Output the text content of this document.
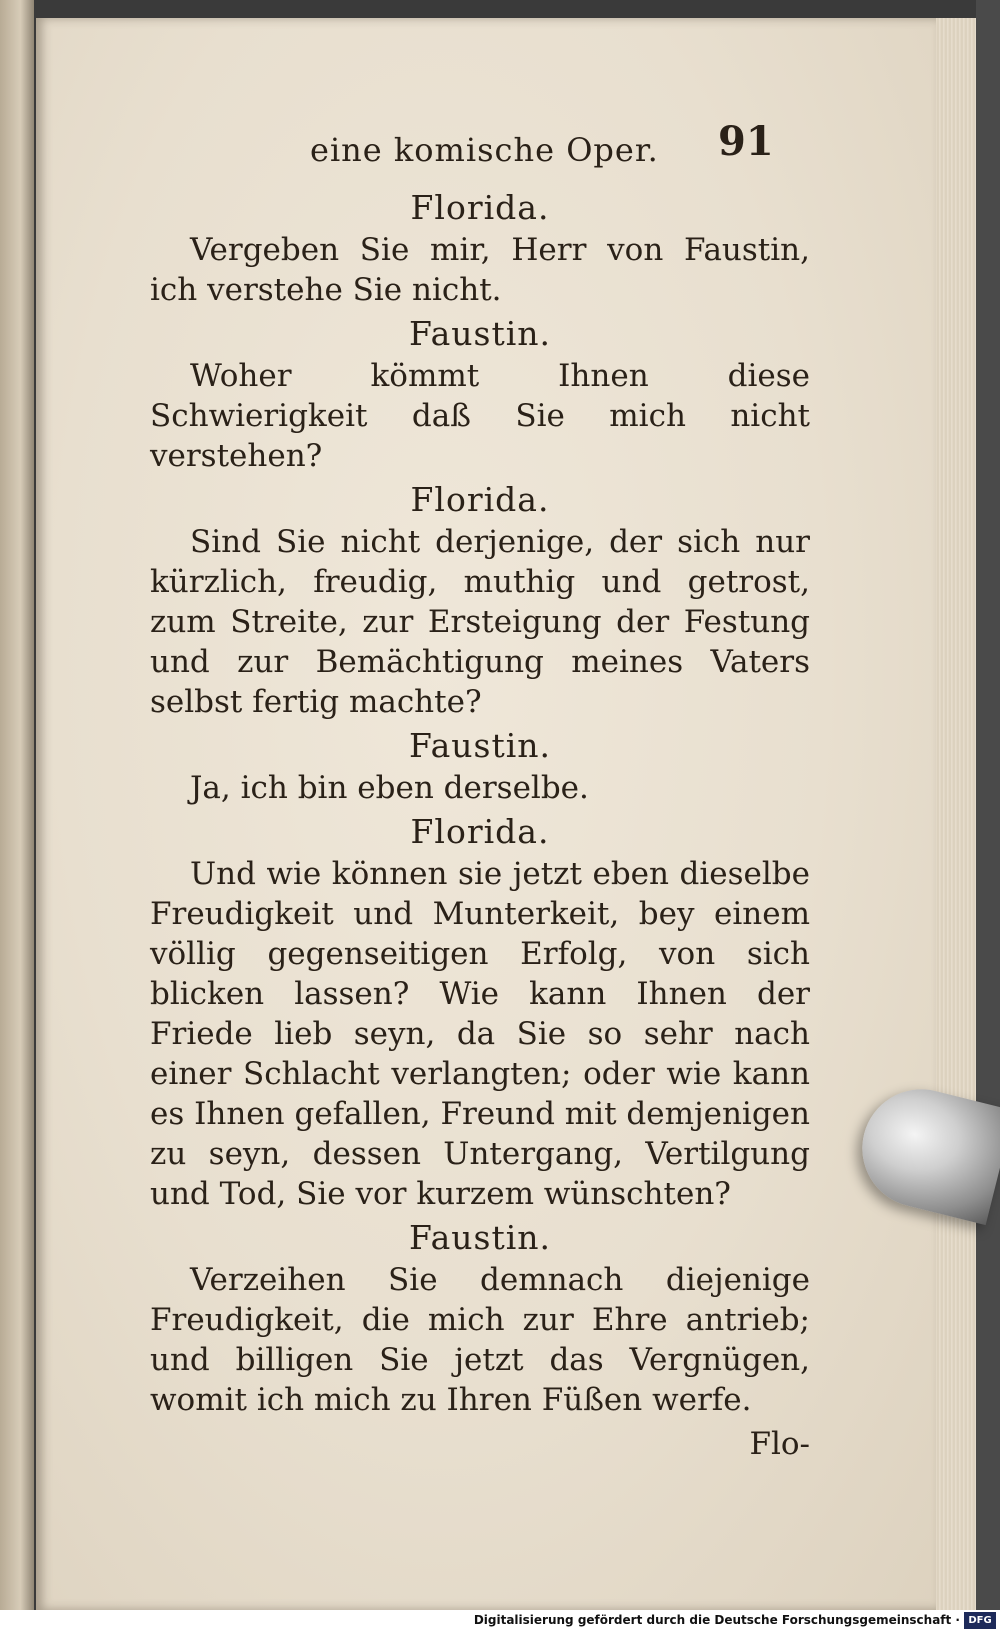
eine komische Oper. 91
Florida.

Vergeben Sie mir, Herr von Faustin, ich verstehe Sie nicht.

Faustin.

Woher kömmt Ihnen diese Schwierigkeit daß Sie mich nicht verstehen?

Florida.

Sind Sie nicht derjenige, der sich nur kürzlich, freudig, muthig und getrost, zum Streite, zur Ersteigung der Festung und zur Bemächtigung meines Vaters selbst fertig machte?

Faustin.

Ja, ich bin eben derselbe.

Florida.

Und wie können sie jetzt eben dieselbe Freudigkeit und Munterkeit, bey einem völlig gegenseitigen Erfolg, von sich blicken lassen? Wie kann Ihnen der Friede lieb seyn, da Sie so sehr nach einer Schlacht verlangten; oder wie kann es Ihnen gefallen, Freund mit demjenigen zu seyn, dessen Untergang, Vertilgung und Tod, Sie vor kurzem wünschten?

Faustin.

Verzeihen Sie demnach diejenige Freudigkeit, die mich zur Ehre antrieb; und billigen Sie jetzt das Vergnügen, womit ich mich zu Ihren Füßen werfe.

Flo-
Digitalisierung gefördert durch die Deutsche Forschungsgemeinschaft · DFG
